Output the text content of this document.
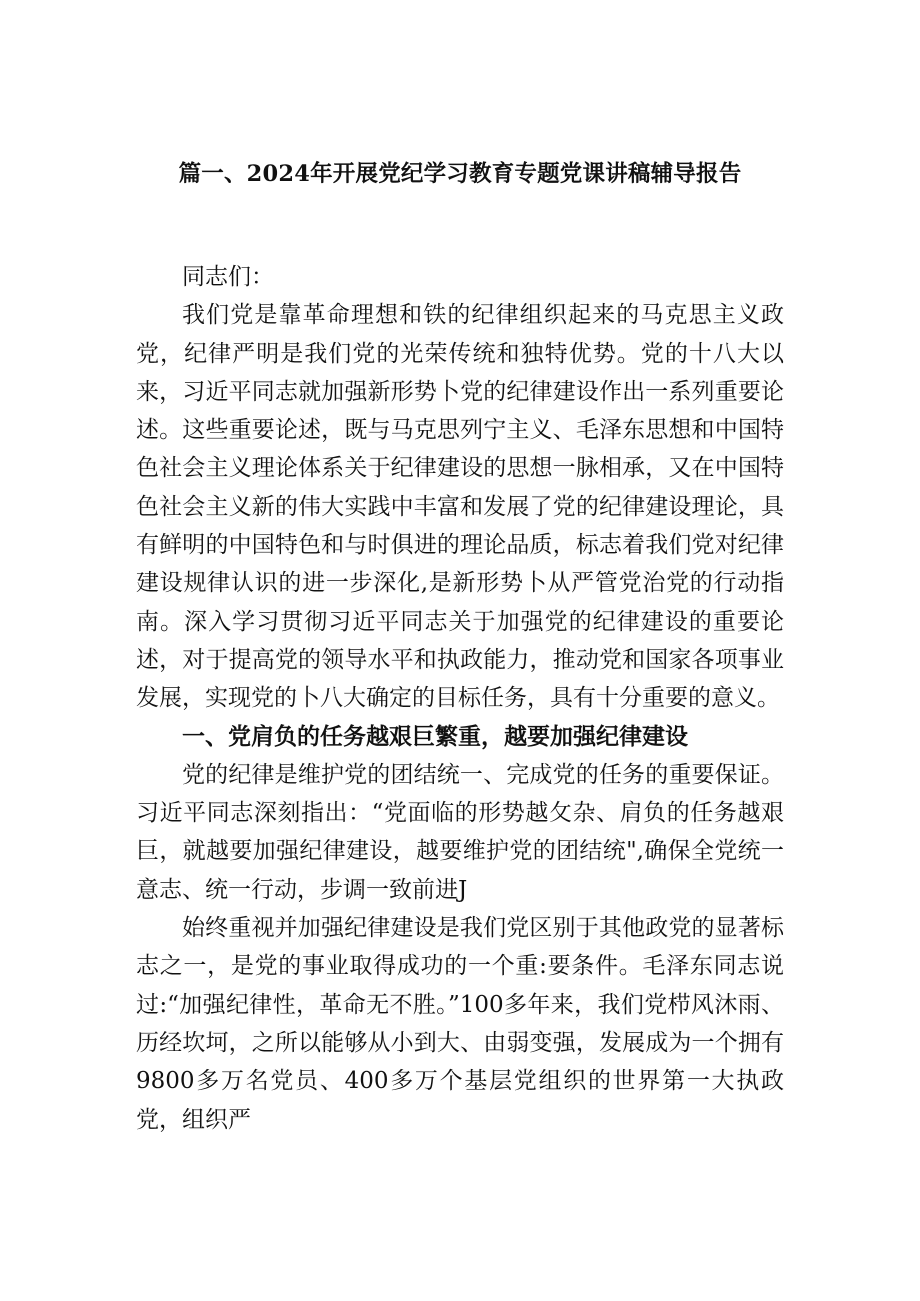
篇一、2024年开展党纪学习教育专题党课讲稿辅导报告

同志们：

我们党是靠革命理想和铁的纪律组织起来的马克思主义政党，纪律严明是我们党的光荣传统和独特优势。党的十八大以来，习近平同志就加强新形势卜党的纪律建设作出一系列重要论述。这些重要论述，既与马克思列宁主义、毛泽东思想和中国特色社会主义理论体系关于纪律建设的思想一脉相承，又在中国特色社会主义新的伟大实践中丰富和发展了党的纪律建设理论，具有鲜明的中国特色和与时俱进的理论品质，标志着我们党对纪律建设规律认识的进一步深化,是新形势卜从严管党治党的行动指南。深入学习贯彻习近平同志关于加强党的纪律建设的重要论述，对于提高党的领导水平和执政能力，推动党和国家各项事业发展，实现党的卜八大确定的目标任务，具有十分重要的意义。

一、党肩负的任务越艰巨繁重，越要加强纪律建设

党的纪律是维护党的团结统一、完成党的任务的重要保证。习近平同志深刻指出：“党面临的形势越攵杂、肩负的任务越艰巨，就越要加强纪律建设，越要维护党的团结统",确保全党统一意志、统一行动，步调一致前进J

始终重视并加强纪律建设是我们党区别于其他政党的显著标志之一，是党的事业取得成功的一个重:要条件。毛泽东同志说过:“加强纪律性，革命无不胜。”100多年来，我们党栉风沐雨、历经坎坷，之所以能够从小到大、由弱变强，发展成为一个拥有9800多万名党员、400多万个基层党组织的世界第一大执政党，组织严
